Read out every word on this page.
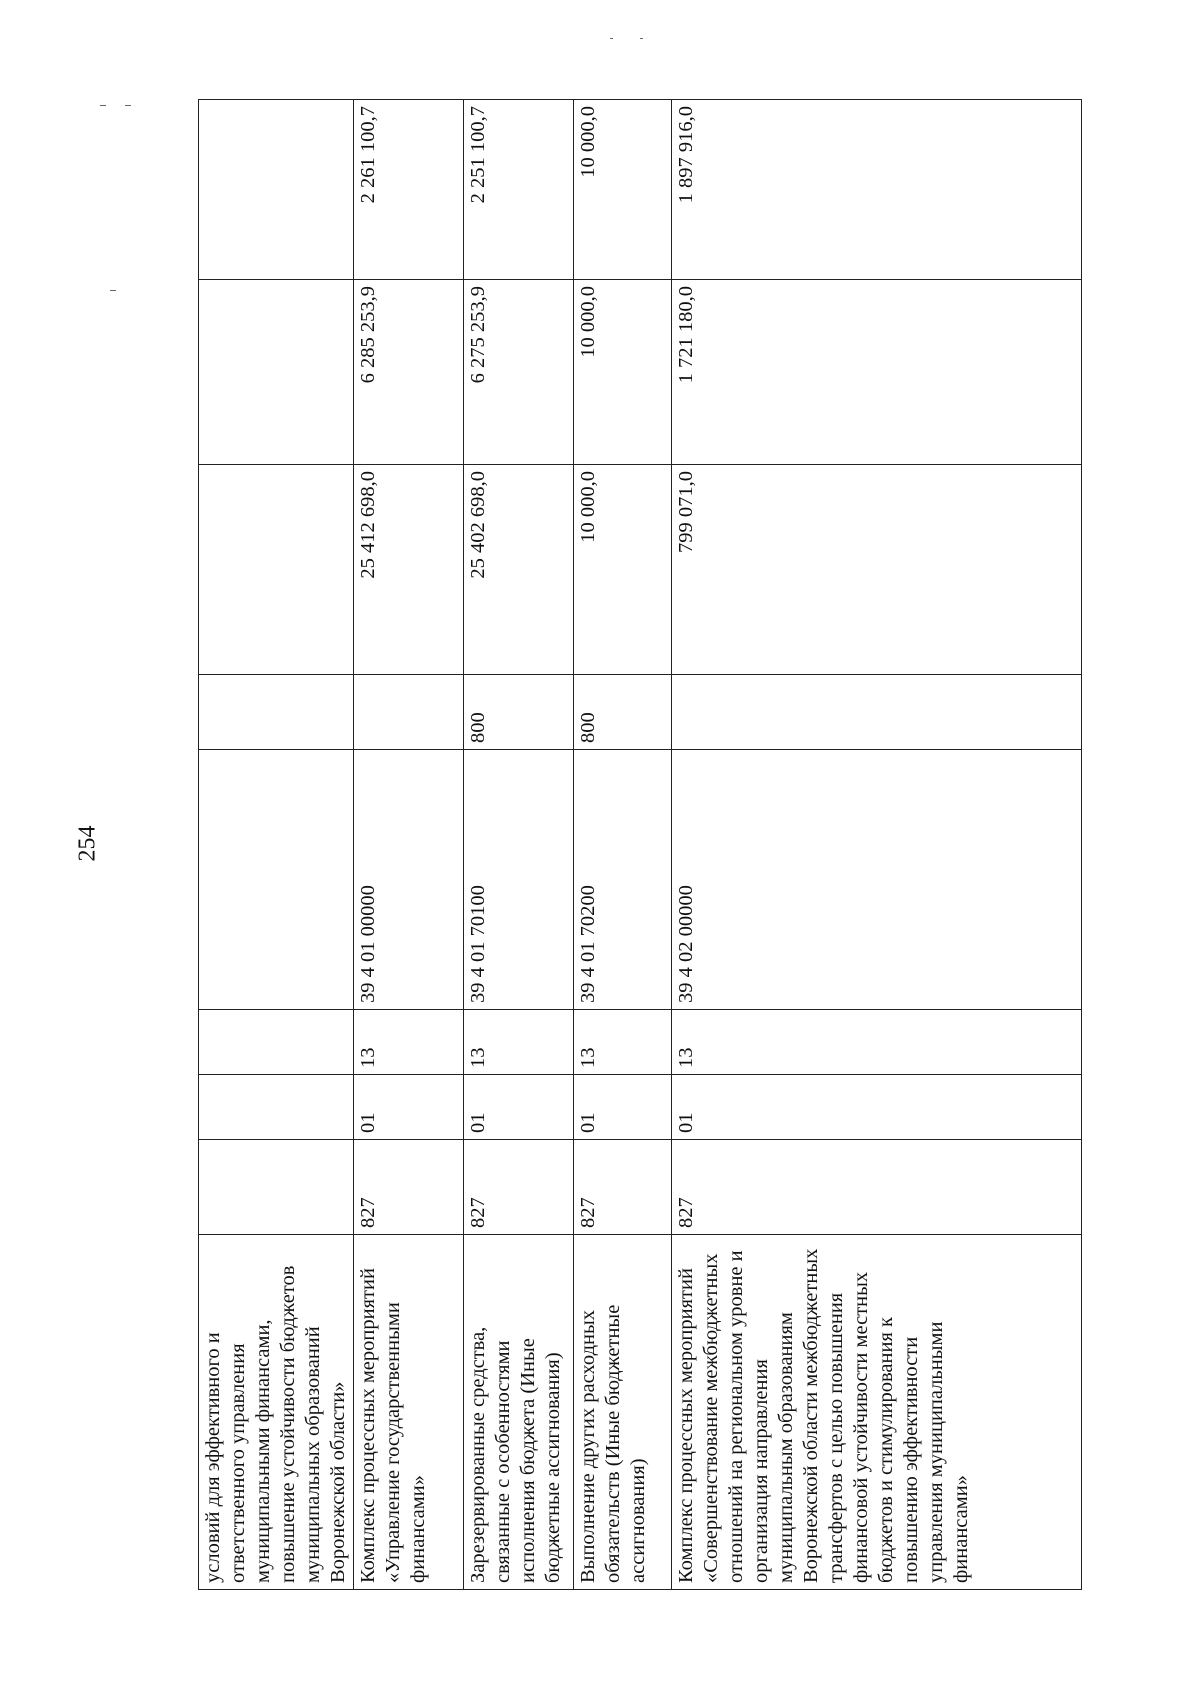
254
условий для эффективного и ответственного управления муниципальными финансами, повышение устойчивости бюджетов муниципальных образований Воронежской области»								
Комплекс процессных мероприятий «Управление государственными финансами»	827	01	13	39 4 01 00000		25 412 698,0	6 285 253,9	2 261 100,7
Зарезервированные средства, связанные с особенностями исполнения бюджета (Иные бюджетные ассигнования)	827	01	13	39 4 01 70100	800	25 402 698,0	6 275 253,9	2 251 100,7
Выполнение других расходных обязательств (Иные бюджетные ассигнования)	827	01	13	39 4 01 70200	800	10 000,0	10 000,0	10 000,0
Комплекс процессных мероприятий «Совершенствование межбюджетных отношений на региональном уровне и организация направления муниципальным образованиям Воронежской области межбюджетных трансфертов с целью повышения финансовой устойчивости местных бюджетов и стимулирования к повышению эффективности управления муниципальными финансами»	827	01	13	39 4 02 00000		799 071,0	1 721 180,0	1 897 916,0
